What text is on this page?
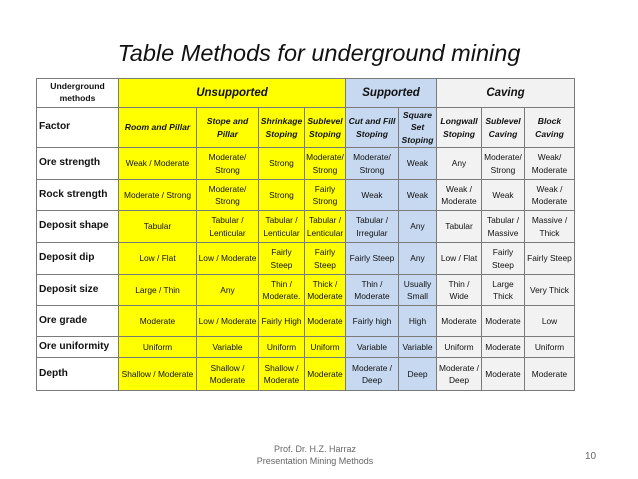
Table Methods for underground mining
Underground methods	Unsupported				Supported		Caving		
Factor	Room and Pillar	Stope and Pillar	Shrinkage Stoping	Sublevel Stoping	Cut and Fill Stoping	Square Set Stoping	Longwall Stoping	Sublevel Caving	Block Caving
Ore strength	Weak / Moderate	Moderate/ Strong	Strong	Moderate/ Strong	Moderate/ Strong	Weak	Any	Moderate/ Strong	Weak/ Moderate
Rock strength	Moderate / Strong	Moderate/ Strong	Strong	Fairly Strong	Weak	Weak	Weak / Moderate	Weak	Weak / Moderate
Deposit shape	Tabular	Tabular / Lenticular	Tabular / Lenticular	Tabular / Lenticular	Tabular / Irregular	Any	Tabular	Tabular / Massive	Massive / Thick
Deposit dip	Low / Flat	Low / Moderate	Fairly Steep	Fairly Steep	Fairly Steep	Any	Low / Flat	Fairly Steep	Fairly Steep
Deposit size	Large / Thin	Any	Thin / Moderate.	Thick / Moderate	Thin / Moderate	Usually Small	Thin / Wide	Large Thick	Very Thick
Ore grade	Moderate	Low / Moderate	Fairly High	Moderate	Fairly high	High	Moderate	Moderate	Low
Ore uniformity	Uniform	Variable	Uniform	Uniform	Variable	Variable	Uniform	Moderate	Uniform
Depth	Shallow / Moderate	Shallow / Moderate	Shallow / Moderate	Moderate	Moderate / Deep	Deep	Moderate / Deep	Moderate	Moderate
Prof. Dr. H.Z. Harraz Presentation Mining Methods	10
